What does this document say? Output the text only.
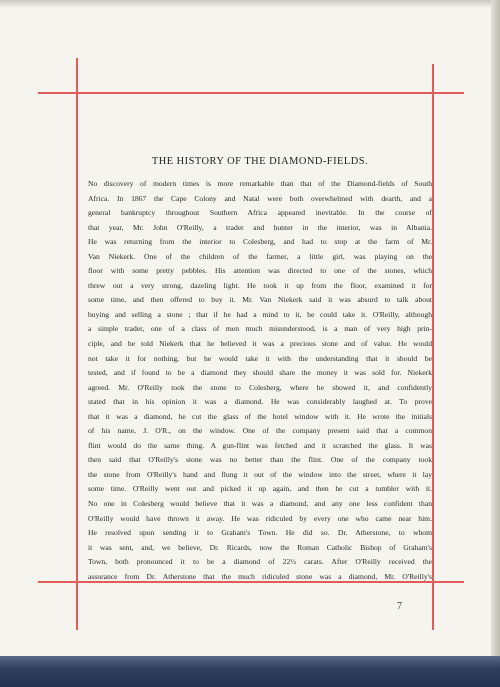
THE HISTORY OF THE DIAMOND-FIELDS.
No discovery of modern times is more remarkable than that of the Diamond-fields of South
Africa. In 1867 the Cape Colony and Natal were both overwhelmed with dearth, and a
general bankruptcy throughout Southern Africa appeared inevitable. In the course of
that year, Mr. John O'Reilly, a trader and hunter in the interior, was in Albania.
He was returning from the interior to Colesberg, and had to stop at the farm of Mr.
Van Niekerk. One of the children of the farmer, a little girl, was playing on the
floor with some pretty pebbles. His attention was directed to one of the stones, which
threw out a very strong, dazeling light. He took it up from the floor, examined it for
some time, and then offered to buy it. Mr. Van Niekerk said it was absurd to talk about
buying and selling a stone ; that if he had a mind to it, he could take it. O'Reilly, although
a simple trader, one of a class of men much misunderstood, is a man of very high prin-
ciple, and he told Niekerk that he believed it was a precious stone and of value. He would
not take it for nothing, but he would take it with the understanding that it should be
tested, and if found to be a diamond they should share the money it was sold for. Niekerk
agreed. Mr. O'Reilly took the stone to Colesberg, where he showed it, and confidently
stated that in his opinion it was a diamond. He was considerably laughed at. To prove
that it was a diamond, he cut the glass of the hotel window with it. He wrote the initials
of his name, J. O'R., on the window. One of the company present said that a common
flint would do the same thing. A gun-flint was fetched and it scratched the glass. It was
then said that O'Reilly's stone was no better than the flint. One of the company took
the stone from O'Reilly's hand and flung it out of the window into the street, where it lay
some time. O'Reilly went out and picked it up again, and then he cut a tumbler with it.
No one in Colesberg would believe that it was a diamond, and any one less confident than
O'Reilly would have thrown it away. He was ridiculed by every one who came near him.
He resolved upon sending it to Graham's Town. He did so. Dr. Atherstone, to whom
it was sent, and, we believe, Dr. Ricards, now the Roman Catholic Bishop of Graham's
Town, both pronounced it to be a diamond of 22½ carats. After O'Reilly received the
assurance from Dr. Atherstone that the much ridiculed stone was a diamond, Mr. O'Reilly's
7
